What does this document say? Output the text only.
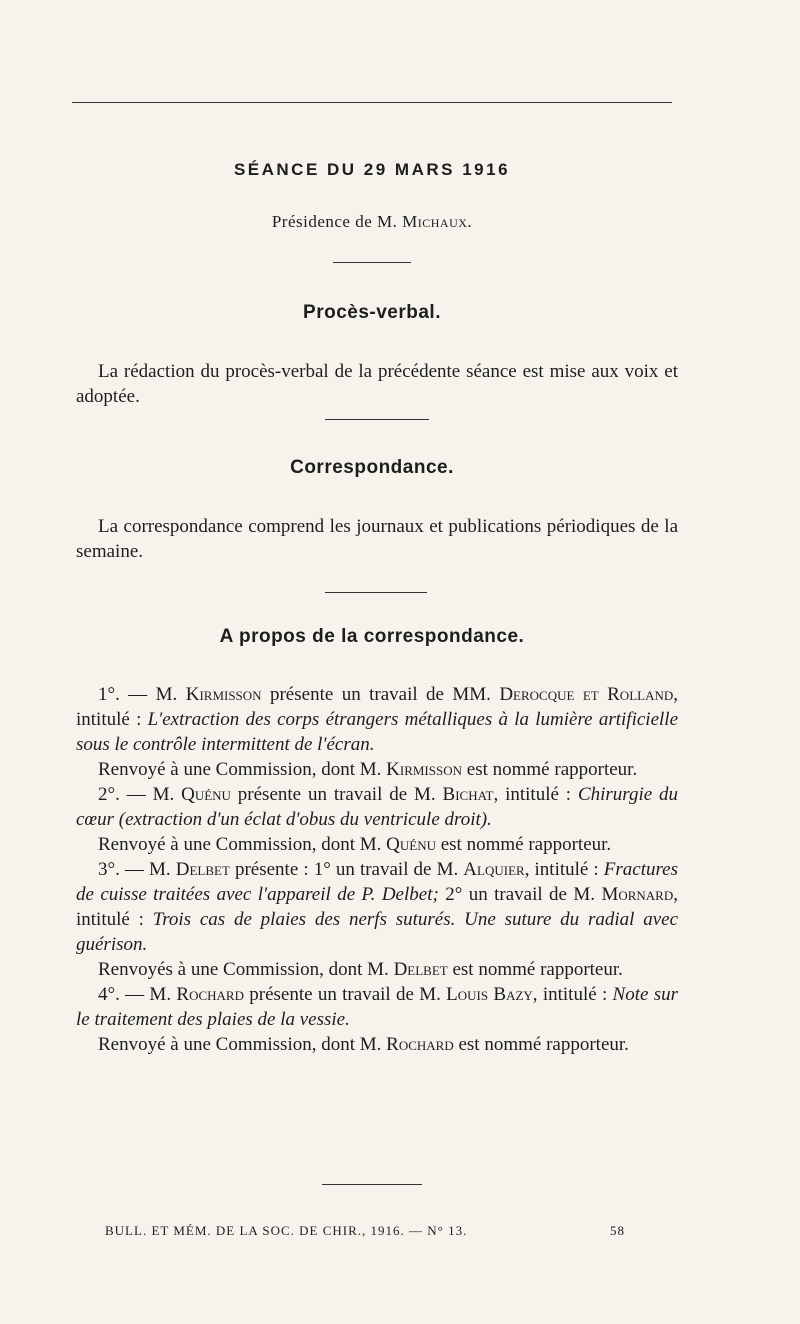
SÉANCE DU 29 MARS 1916
Présidence de M. Michaux.
Procès-verbal.
La rédaction du procès-verbal de la précédente séance est mise aux voix et adoptée.
Correspondance.
La correspondance comprend les journaux et publications périodiques de la semaine.
A propos de la correspondance.

1°. — M. Kirmisson présente un travail de MM. Derocque et Rolland, intitulé : L'extraction des corps étrangers métalliques à la lumière artificielle sous le contrôle intermittent de l'écran.

Renvoyé à une Commission, dont M. Kirmisson est nommé rapporteur.

2°. — M. Quénu présente un travail de M. Bichat, intitulé : Chirurgie du cœur (extraction d'un éclat d'obus du ventricule droit).

Renvoyé à une Commission, dont M. Quénu est nommé rapporteur.

3°. — M. Delbet présente : 1° un travail de M. Alquier, intitulé : Fractures de cuisse traitées avec l'appareil de P. Delbet; 2° un travail de M. Mornard, intitulé : Trois cas de plaies des nerfs suturés. Une suture du radial avec guérison.

Renvoyés à une Commission, dont M. Delbet est nommé rapporteur.

4°. — M. Rochard présente un travail de M. Louis Bazy, intitulé : Note sur le traitement des plaies de la vessie.

Renvoyé à une Commission, dont M. Rochard est nommé rapporteur.

BULL. ET MÉM. DE LA SOC. DE CHIR., 1916. — N° 13.	58
